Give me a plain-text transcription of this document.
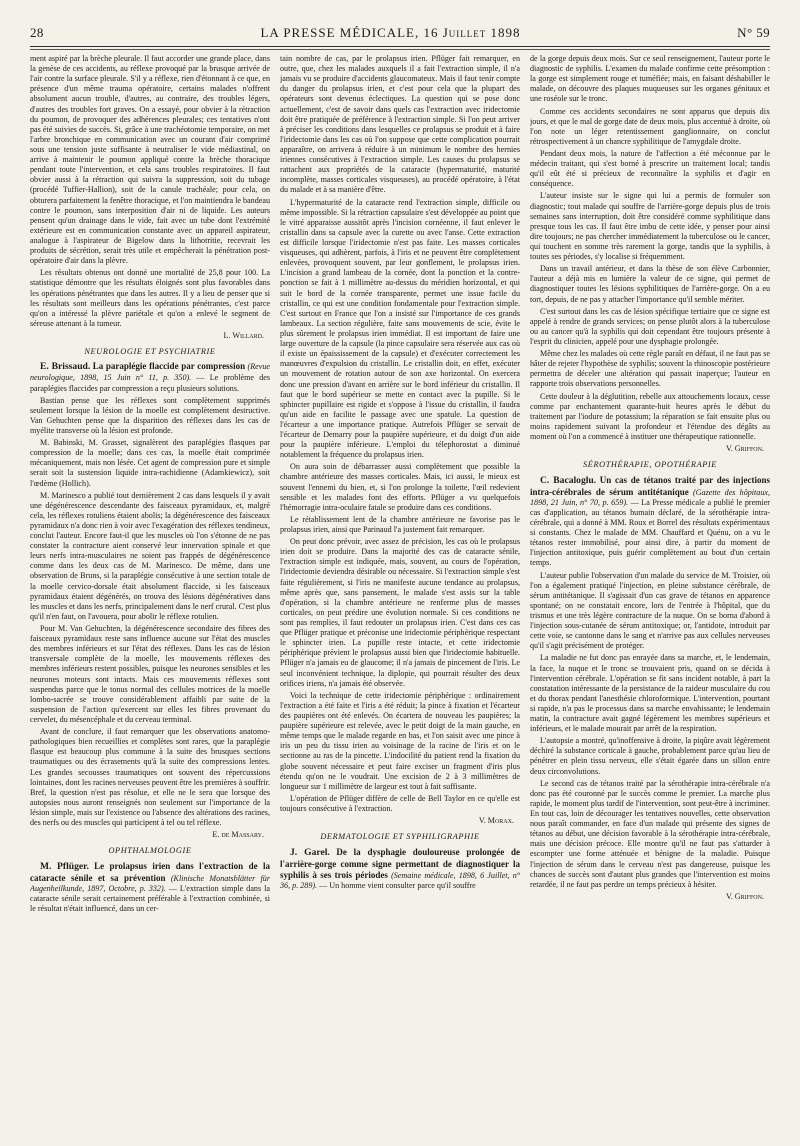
28	LA PRESSE MÉDICALE, 16 Juillet 1898	N° 59

ment aspiré par la brèche pleurale. Il faut accorder une grande place, dans la genèse de ces accidents, au réflexe provoqué par la brusque arrivée de l'air contre la surface pleurale. S'il y a réflexe, rien d'étonnant à ce que, en présence d'un même trauma opératoire, certains malades n'offrent absolument aucun trouble, d'autres, au contraire, des troubles légers, d'autres des troubles fort graves. On a essayé, pour obvier à la rétraction du poumon, de provoquer des adhérences pleurales; ces tentatives n'ont pas été suivies de succès. Si, grâce à une trachéotomie temporaire, on met l'arbre bronchique en communication avec un courant d'air comprimé sous une tension juste suffisante à neutraliser le vide médiastinal, on arrive à maintenir le poumon appliqué contre la brèche thoracique pendant toute l'intervention, et cela sans troubles respiratoires. Il faut obvier aussi à la rétraction qui suivra la suppression, soit du tubage (procédé Tuffier-Hallion), soit de la canule trachéale; pour cela, on obturera parfaitement la fenêtre thoracique, et l'on maintiendra le bandeau contre le poumon, sans interposition d'air ni de liquide. Les auteurs pensent qu'un drainage dans le vide, fait avec un tube dont l'extrémité extérieure est en communication constante avec un appareil aspirateur, analogue à l'aspirateur de Bigelow dans la lithotritie, recevrait les produits de sécrétion, serait très utile et empêcherait la pénétration post-opératoire d'air dans la plèvre.

Les résultats obtenus ont donné une mortalité de 25,8 pour 100. La statistique démontre que les résultats éloignés sont plus favorables dans les opérations pénétrantes que dans les autres. Il y a lieu de penser que si les résultats sont meilleurs dans les opérations pénétrantes, c'est parce qu'on a intéressé la plèvre pariétale et qu'on a enlevé le segment de séreuse attenant à la tumeur.

L. Willard.
NEUROLOGIE ET PSYCHIATRIE

E. Brissaud. La paraplégie flaccide par compression (Revue neurologique, 1898, 15 Juin n° 11, p. 350). — Le problème des paraplégies flaccides par compression a reçu plusieurs solutions.

Bastian pense que les réflexes sont complètement supprimés seulement lorsque la lésion de la moelle est complètement destructive. Van Gehuchten pense que la disparition des réflexes dans les cas de myélite transverse où la lésion est profonde.

M. Babinski, M. Grasset, signalèrent des paraplégies flasques par compression de la moelle; dans ces cas, la moelle était comprimée mécaniquement, mais non lésée. Cet agent de compression pure et simple serait soit la sustension liquide intra-rachidienne (Adamkiewicz), soit l'œdème (Hollich).

M. Marinesco a publié tout dernièrement 2 cas dans lesquels il y avait une dégénérescence descendante des faisceaux pyramidaux, et, malgré cela, les réflexes rotuliens étaient abolis; la dégénérescence des faisceaux pyramidaux n'a donc rien à voir avec l'exagération des réflexes tendineux, conclut l'auteur. Encore faut-il que les muscles où l'on s'étonne de ne pas constater la contracture aient conservé leur innervation spinale et que leurs nerfs intra-musculaires ne soient pas frappés de dégénérescence comme dans les deux cas de M. Marinesco. De même, dans une observation de Bruns, si la paraplégie consécutive à une section totale de la moelle cervico-dorsale était absolument flaccide, si les faisceaux pyramidaux étaient dégénérés, on trouva des lésions dégénératives dans les muscles et dans les nerfs, principalement dans le nerf crural. C'est plus qu'il n'en faut, on l'avouera, pour abolir le réflexe rotulien.

Pour M. Van Gehuchten, la dégénérescence secondaire des fibres des faisceaux pyramidaux reste sans influence aucune sur l'état des muscles des membres inférieurs et sur l'état des réflexes. Dans les cas de lésion transversale complète de la moelle, les mouvements réflexes des membres inférieurs restent possibles, puisque les neurones sensibles et les neurones moteurs sont intacts. Mais ces mouvements réflexes sont suspendus parce que le tonus normal des cellules motrices de la moelle lombo-sacrée se trouve considérablement affaibli par suite de la suspension de l'action qu'exercent sur elles les fibres provenant du cervelet, du mésencéphale et du cerveau terminal.

Avant de conclure, il faut remarquer que les observations anatomo-pathologiques bien recueillies et complètes sont rares, que la paraplégie flasque est beaucoup plus commune à la suite des brusques sections traumatiques ou des écrasements qu'à la suite des compressions lentes. Les grandes secousses traumatiques ont souvent des répercussions lointaines, dont les racines nerveuses peuvent être les premières à souffrir. Bref, la question n'est pas résolue, et elle ne le sera que lorsque des autopsies nous auront renseignés non seulement sur l'importance de la lésion simple, mais sur l'existence ou l'absence des altérations des racines, des nerfs ou des muscles qui participent à tel ou tel réflexe.

E. de Massary.
OPHTHALMOLOGIE

M. Pflüger. Le prolapsus irien dans l'extraction de la cataracte sénile et sa prévention (Klinische Monatsblätter für Augenheilkunde, 1897, Octobre, p. 332). — L'extraction simple dans la cataracte sénile serait certainement préférable à l'extraction combinée, si le résultat n'était influencé, dans un cer-

tain nombre de cas, par le prolapsus irien. Pflüger fait remarquer, en outre, que, chez les malades auxquels il a fait l'extraction simple, il n'a jamais vu se produire d'accidents glaucomateux. Mais il faut tenir compte du danger du prolapsus irien, et c'est pour cela que la plupart des opérateurs sont devenus éclectiques. La question qui se pose donc actuellement, c'est de savoir dans quels cas l'extraction avec iridectomie doit être pratiquée de préférence à l'extraction simple. Si l'on peut arriver à préciser les conditions dans lesquelles ce prolapsus se produit et à faire l'iridectomie dans les cas où l'on suppose que cette complication pourrait apparaître, on arrivera à réduire à un minimum le nombre des hernies iriennes consécutives à l'extraction simple. Les causes du prolapsus se rattachent aux propriétés de la cataracte (hypermaturité, maturité incomplète, masses corticales visqueuses), au procédé opératoire, à l'état du malade et à sa manière d'être.

L'hypermaturité de la cataracte rend l'extraction simple, difficile ou même impossible. Si la rétraction capsulaire s'est développée au point que le vitré apparaisse aussitôt après l'incision cornéenne, il faut enlever le cristallin dans sa capsule avec la curette ou avec l'anse. Cette extraction est difficile lorsque l'iridectomie n'est pas faite. Les masses corticales visqueuses, qui adhèrent, parfois, à l'iris et ne peuvent être complètement enlevées, provoquent souvent, par leur gonflement, le prolapsus irien. L'incision a grand lambeau de la cornée, dont la ponction et la contre-ponction se fait à 1 millimètre au-dessus du méridien horizontal, et qui suit le bord de la cornée transparente, permet une issue facile du cristallin, ce qui est une condition fondamentale pour l'extraction simple. C'est surtout en France que l'on a insisté sur l'importance de ces grands lambeaux. La section régulière, faite sans mouvements de scie, évite le plus sûrement le prolapsus irien immédiat. Il est important de faire une large ouverture de la capsule (la pince capsulaire sera réservée aux cas où il existe un épaississement de la capsule) et d'exécuter correctement les manœuvres d'expulsion du cristallin. Le cristallin doit, en effet, exécuter un mouvement de rotation autour de son axe horizontal. On exercera donc une pression d'avant en arrière sur le bord inférieur du cristallin. Il faut que le bord supérieur se mette en contact avec la pupille. Si le sphincter pupillaire est rigide et s'oppose à l'issue du cristallin, il faudra qu'un aide en facilite le passage avec une spatule. La question de l'écarteur a une importance pratique. Autrefois Pflüger se servait de l'écarteur de Demarry pour la paupière supérieure, et du doigt d'un aide pour la paupière inférieure. L'emploi du télephorostat a diminué notablement la fréquence du prolapsus irien.

On aura soin de débarrasser aussi complètement que possible la chambre antérieure des masses corticales. Mais, ici aussi, le mieux est souvent l'ennemi du bien, et, si l'on prolonge la toilette, l'œil redevient sensible et les malades font des efforts. Pflüger a vu quelquefois l'hémorragie intra-oculaire fatale se produire dans ces conditions.

Le rétablissement lent de la chambre antérieure ne favorise pas le prolapsus irien, ainsi que Parinaud l'a justement fait remarquer.

On peut donc prévoir, avec assez de précision, les cas où le prolapsus irien doit se produire. Dans la majorité des cas de cataracte sénile, l'extraction simple est indiquée, mais, souvent, au cours de l'opération, l'iridectomie deviendra désirable ou nécessaire. Si l'extraction simple s'est faite régulièrement, si l'iris ne manifeste aucune tendance au prolapsus, même après que, sans pansement, le malade s'est assis sur la table d'opération, si la chambre antérieure ne renferme plus de masses corticales, on peut prédire une évolution normale. Si ces conditions ne sont pas remplies, il faut redouter un prolapsus irien. C'est dans ces cas que Pflüger pratique et préconise une iridectomie périphérique respectant le sphincter irien. La pupille reste intacte, et cette iridectomie périphérique prévient le prolapsus aussi bien que l'iridectomie habituelle. Pflüger n'a jamais eu de glaucome; il n'a jamais de pincement de l'iris. Le seul inconvénient technique, la diplopie, qui pourrait résulter des deux orifices iriens, n'a jamais été observée.

Voici la technique de cette iridectomie périphérique : ordinairement l'extraction a été faite et l'iris a été réduit; la pince à fixation et l'écarteur des paupières ont été enlevés. On écartera de nouveau les paupières; la paupière supérieure est relevée, avec le petit doigt de la main gauche, en même temps que le malade regarde en bas, et l'on saisit avec une pince à iris un peu du tissu irien au voisinage de la racine de l'iris et on le sectionne au ras de la pincette. L'indocilité du patient rend la fixation du globe souvent nécessaire et peut faire exciser un fragment d'iris plus étendu qu'on ne le voudrait. Une excision de 2 à 3 millimètres de longueur sur 1 millimètre de largeur est tout à fait suffisante.

L'opération de Pflüger diffère de celle de Bell Taylor en ce qu'elle est toujours consécutive à l'extraction.

V. Morax.
DERMATOLOGIE ET SYPHILIGRAPHIE

J. Garel. De la dysphagie douloureuse prolongée de l'arrière-gorge comme signe permettant de diagnostiquer la syphilis à ses trois périodes (Semaine médicale, 1898, 6 Juillet, n° 36, p. 289). — Un homme vient consulter parce qu'il souffre

de la gorge depuis deux mois. Sur ce seul renseignement, l'auteur porte le diagnostic de syphilis. L'examen du malade confirme cette présomption : la gorge est simplement rouge et tuméfiée; mais, en faisant déshabiller le malade, on découvre des plaques muqueuses sur les organes génitaux et une roséole sur le tronc.

Comme ces accidents secondaires ne sont apparus que depuis dix jours, et que le mal de gorge date de deux mois, plus accentué à droite, où l'on note un léger retentissement ganglionnaire, on conclut rétrospectivement à un chancre syphilitique de l'amygdale droite.

Pendant deux mois, la nature de l'affection a été méconnue par le médecin traitant, qui s'est borné à prescrire un traitement local; tandis qu'il eût été si précieux de reconnaître la syphilis et d'agir en conséquence.

L'auteur insiste sur le signe qui lui a permis de formuler son diagnostic; tout malade qui souffre de l'arrière-gorge depuis plus de trois semaines sans interruption, doit être considéré comme syphilitique dans presque tous les cas. Il faut être imbu de cette idée, y penser pour ainsi dire toujours; ne pas chercher immédiatement la tuberculose ou le cancer, qui touchent en somme très rarement la gorge, tandis que la syphilis, à toutes ses périodes, s'y localise si fréquemment.

Dans un travail antérieur, et dans la thèse de son élève Carbonnier, l'auteur a déjà mis en lumière la valeur de ce signe, qui permet de diagnostiquer toutes les lésions syphilitiques de l'arrière-gorge. On a eu tort, depuis, de ne pas y attacher l'importance qu'il semble mériter.

C'est surtout dans les cas de lésion spécifique tertiaire que ce signe est appelé à rendre de grands services; on pense plutôt alors à la tuberculose ou au cancer qu'à la syphilis qui doit cependant être toujours présente à l'esprit du clinicien, appelé pour une dysphagie prolongée.

Même chez les malades où cette règle paraît en défaut, il ne faut pas se hâter de rejeter l'hypothèse de syphilis; souvent la rhinoscopie postérieure permettra de déceler une altération qui passait inaperçue; l'auteur en rapporte trois observations personnelles.

Cette douleur à la déglutition, rebelle aux attouchements locaux, cesse comme par enchantement quarante-huit heures après le début du traitement par l'iodure de potassium; la réparation se fait ensuite plus ou moins rapidement suivant la profondeur et l'étendue des dégâts au moment où l'on a commencé à instituer une thérapeutique rationnelle.

V. Griffon.
SÉROTHÉRAPIE, OPOTHÉRAPIE

C. Bacaloglu. Un cas de tétanos traité par des injections intra-cérébrales de sérum antitétanique (Gazette des hôpitaux, 1898, 21 Juin, n° 70, p. 659). — La Presse médicale a publié le premier cas d'application, au tétanos humain déclaré, de la sérothérapie intra-cérébrale, qui a donné à MM. Roux et Borrel des résultats expérimentaux si constants. Chez le malade de MM. Chauffard et Quénu, on a vu le tétanos rester immobilisé, pour ainsi dire, à partir du moment de l'injection antitoxique, puis guérir complètement au bout d'un certain temps.

L'auteur publie l'observation d'un malade du service de M. Troisier, où l'on a également pratiqué l'injection, en pleine substance cérébrale, de sérum antitétanique. Il s'agissait d'un cas grave de tétanos en apparence spontané; on ne constatait encore, lors de l'entrée à l'hôpital, que du trismus et une très légère contracture de la nuque. On se borna d'abord à l'injection sous-cutanée de sérum antitoxique; or, l'antidote, introduit par cette voie, se cantonne dans le sang et n'arrive pas aux cellules nerveuses qu'il s'agit précisément de protéger.

La maladie ne fut donc pas enrayée dans sa marche, et, le lendemain, la face, la nuque et le tronc se trouvaient pris, quand on se décida à l'intervention cérébrale. L'opération se fit sans incident notable, à part la constatation intéressante de la persistance de la raideur musculaire du cou et du thorax pendant l'anesthésie chloroformique. L'intervention, pourtant si rapide, n'a pas le processus dans sa marche envahissante; le lendemain matin, la contracture avait gagné légèrement les membres supérieurs et inférieurs, et le malade mourait par arrêt de la respiration.

L'autopsie a montré, qu'inoffensive à droite, la piqûre avait légèrement déchiré la substance corticale à gauche, probablement parce qu'au lieu de pénétrer en plein tissu nerveux, elle s'était égarée dans un sillon entre deux circonvolutions.

Le second cas de tétanos traité par la sérothérapie intra-cérébrale n'a donc pas été couronné par le succès comme le premier. La marche plus rapide, le moment plus tardif de l'intervention, sont peut-être à incriminer. En tout cas, loin de décourager les tentatives nouvelles, cette observation nous paraît commander, en face d'un malade qui présente des signes de tétanos au début, une décision favorable à la sérothérapie intra-cérébrale, mais une décision précoce. Elle montre qu'il ne faut pas s'attarder à escompter une forme atténuée et bénigne de la maladie. Puisque l'injection de sérum dans le cerveau n'est pas dangereuse, puisque les chances de succès sont d'autant plus grandes que l'intervention est moins retardée, il ne faut pas perdre un temps précieux à hésiter.

V. Griffon.
